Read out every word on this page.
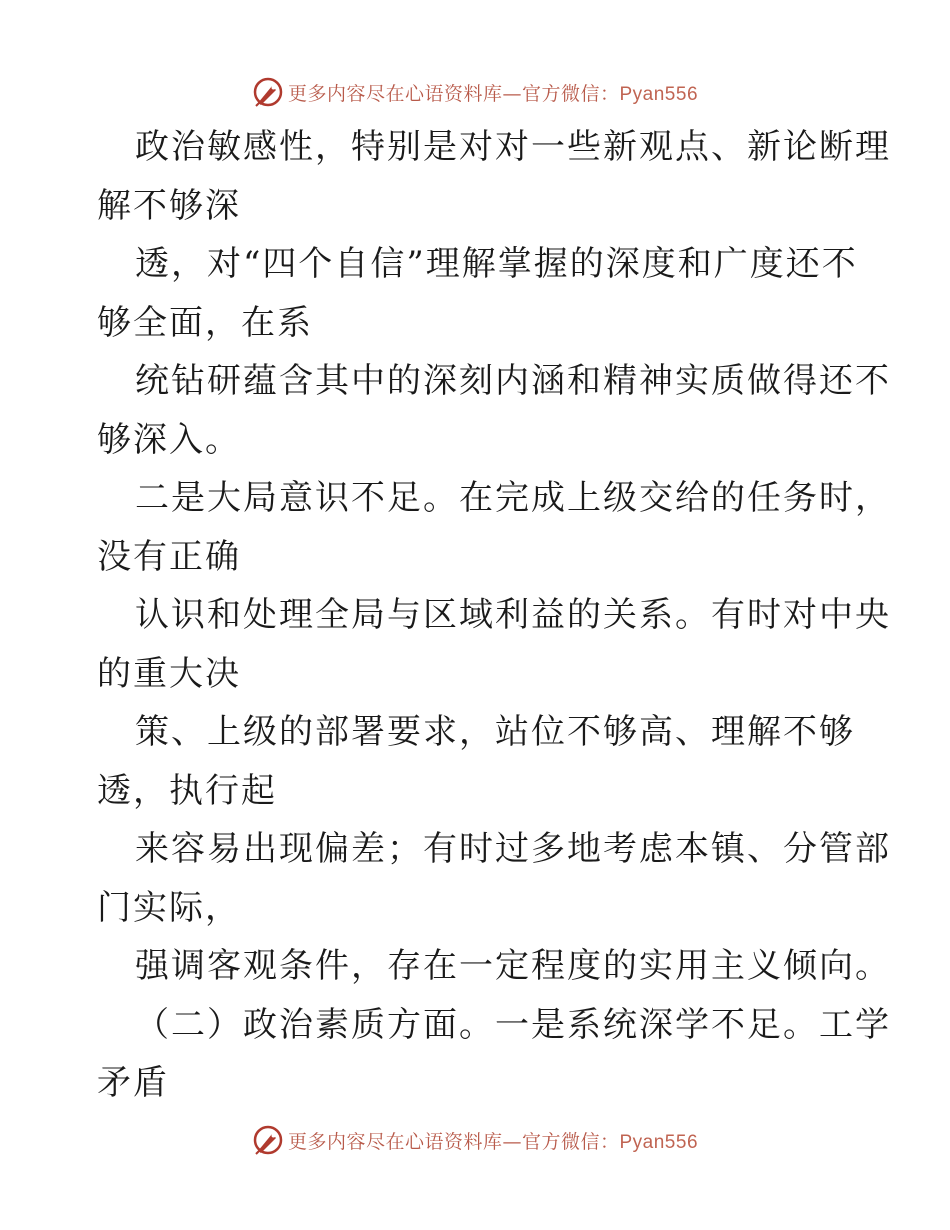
更多内容尽在心语资料库—官方微信：Pyan556
政治敏感性，特别是对对一些新观点、新论断理
解不够深
透，对“四个自信”理解掌握的深度和广度还不
够全面，在系
统钻研蕴含其中的深刻内涵和精神实质做得还不
够深入。
二是大局意识不足。在完成上级交给的任务时，
没有正确
认识和处理全局与区域利益的关系。有时对中央
的重大决
策、上级的部署要求，站位不够高、理解不够
透，执行起
来容易出现偏差；有时过多地考虑本镇、分管部
门实际，
强调客观条件，存在一定程度的实用主义倾向。
（二）政治素质方面。一是系统深学不足。工学
矛盾
更多内容尽在心语资料库—官方微信：Pyan556
